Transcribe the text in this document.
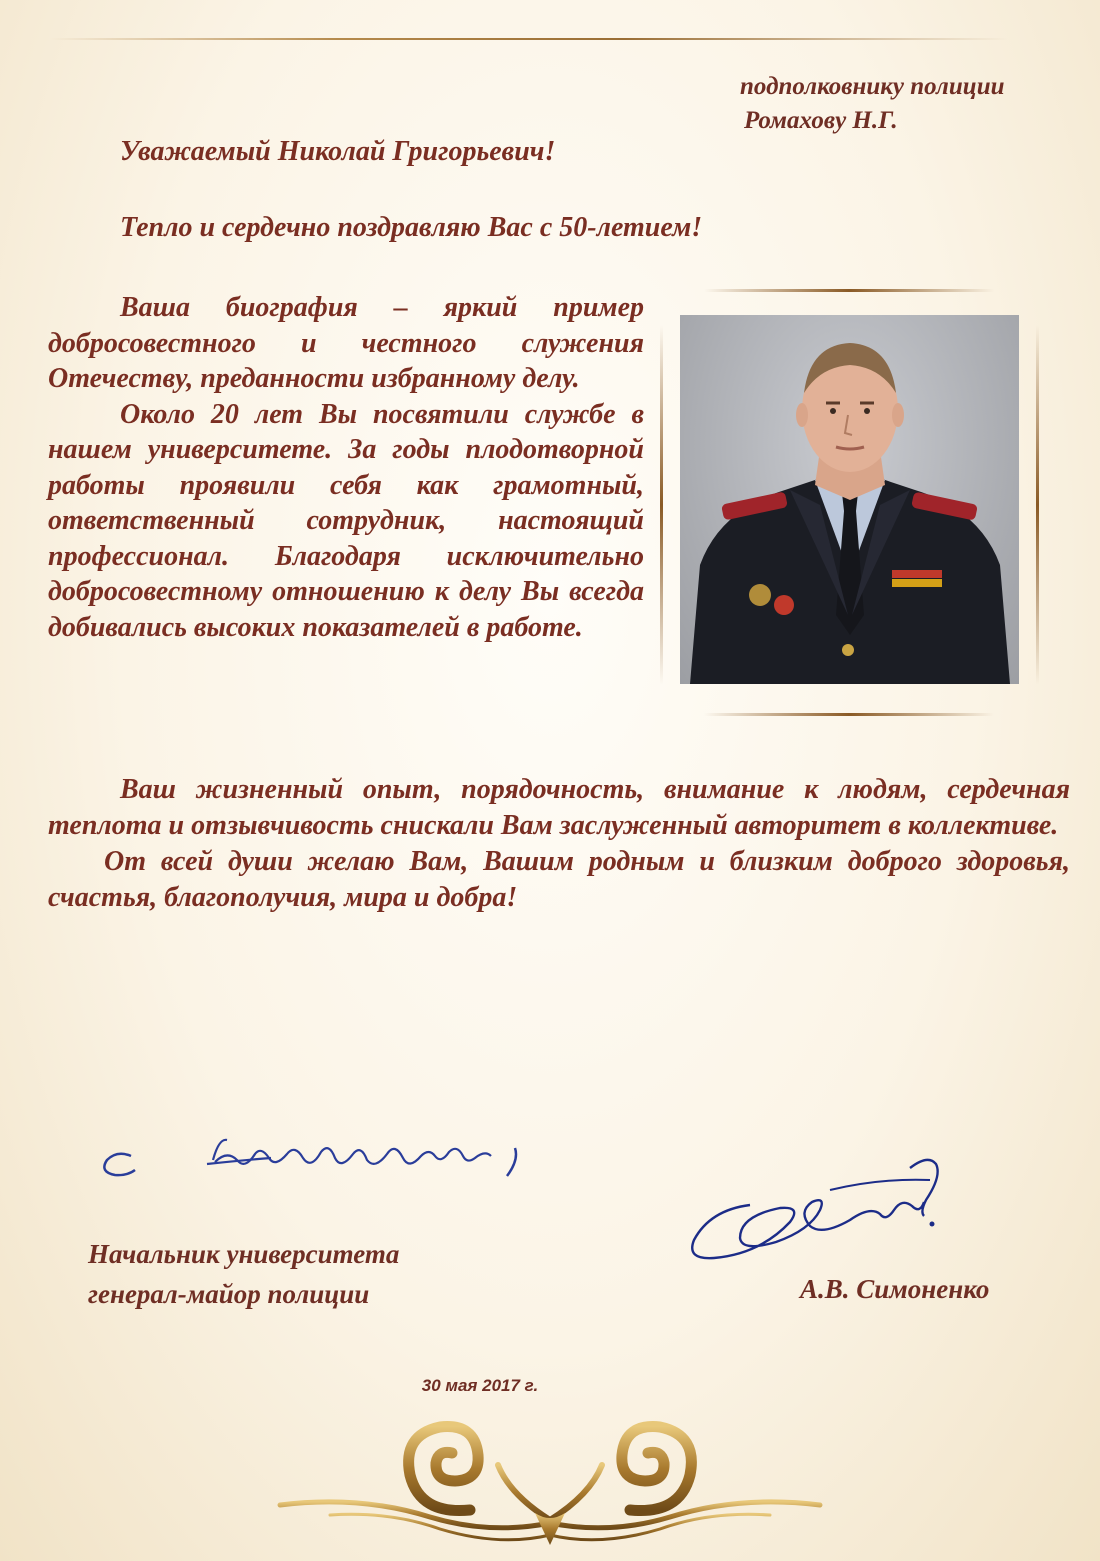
подполковнику полиции
Ромахову Н.Г.
Уважаемый Николай Григорьевич!
Тепло и сердечно поздравляю Вас с 50-летием!

Ваша биография – яркий пример добросовестного и честного служения Отечеству, преданности избранному делу.

Около 20 лет Вы посвятили службе в нашем университете. За годы плодотворной работы проявили себя как грамотный, ответственный сотрудник, настоящий профессионал. Благодаря исключительно добросовестному отношению к делу Вы всегда добивались высоких показателей в работе.

Ваш жизненный опыт, порядочность, внимание к людям, сердечная теплота и отзывчивость снискали Вам заслуженный авторитет в коллективе.

От всей души желаю Вам, Вашим родным и близким доброго здоровья, счастья, благополучия, мира и добра!

Начальник университета
генерал-майор полиции	А.В. Симоненко
30 мая 2017 г.
